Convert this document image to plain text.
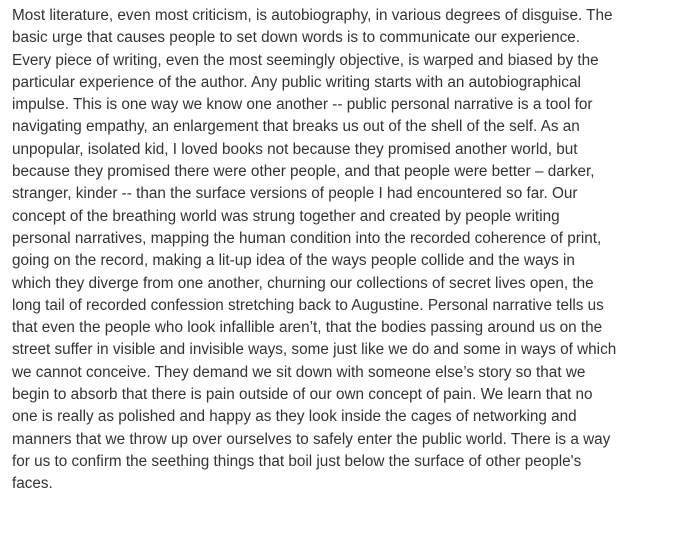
Most literature, even most criticism, is autobiography, in various degrees of disguise. The
basic urge that causes people to set down words is to communicate our experience.
Every piece of writing, even the most seemingly objective, is warped and biased by the
particular experience of the author. Any public writing starts with an autobiographical
impulse. This is one way we know one another -- public personal narrative is a tool for
navigating empathy, an enlargement that breaks us out of the shell of the self. As an
unpopular, isolated kid, I loved books not because they promised another world, but
because they promised there were other people, and that people were better – darker,
stranger, kinder -- than the surface versions of people I had encountered so far. Our
concept of the breathing world was strung together and created by people writing
personal narratives, mapping the human condition into the recorded coherence of print,
going on the record, making a lit-up idea of the ways people collide and the ways in
which they diverge from one another, churning our collections of secret lives open, the
long tail of recorded confession stretching back to Augustine. Personal narrative tells us
that even the people who look infallible aren’t, that the bodies passing around us on the
street suffer in visible and invisible ways, some just like we do and some in ways of which
we cannot conceive. They demand we sit down with someone else’s story so that we
begin to absorb that there is pain outside of our own concept of pain. We learn that no
one is really as polished and happy as they look inside the cages of networking and
manners that we throw up over ourselves to safely enter the public world. There is a way
for us to confirm the seething things that boil just below the surface of other people's
faces.
